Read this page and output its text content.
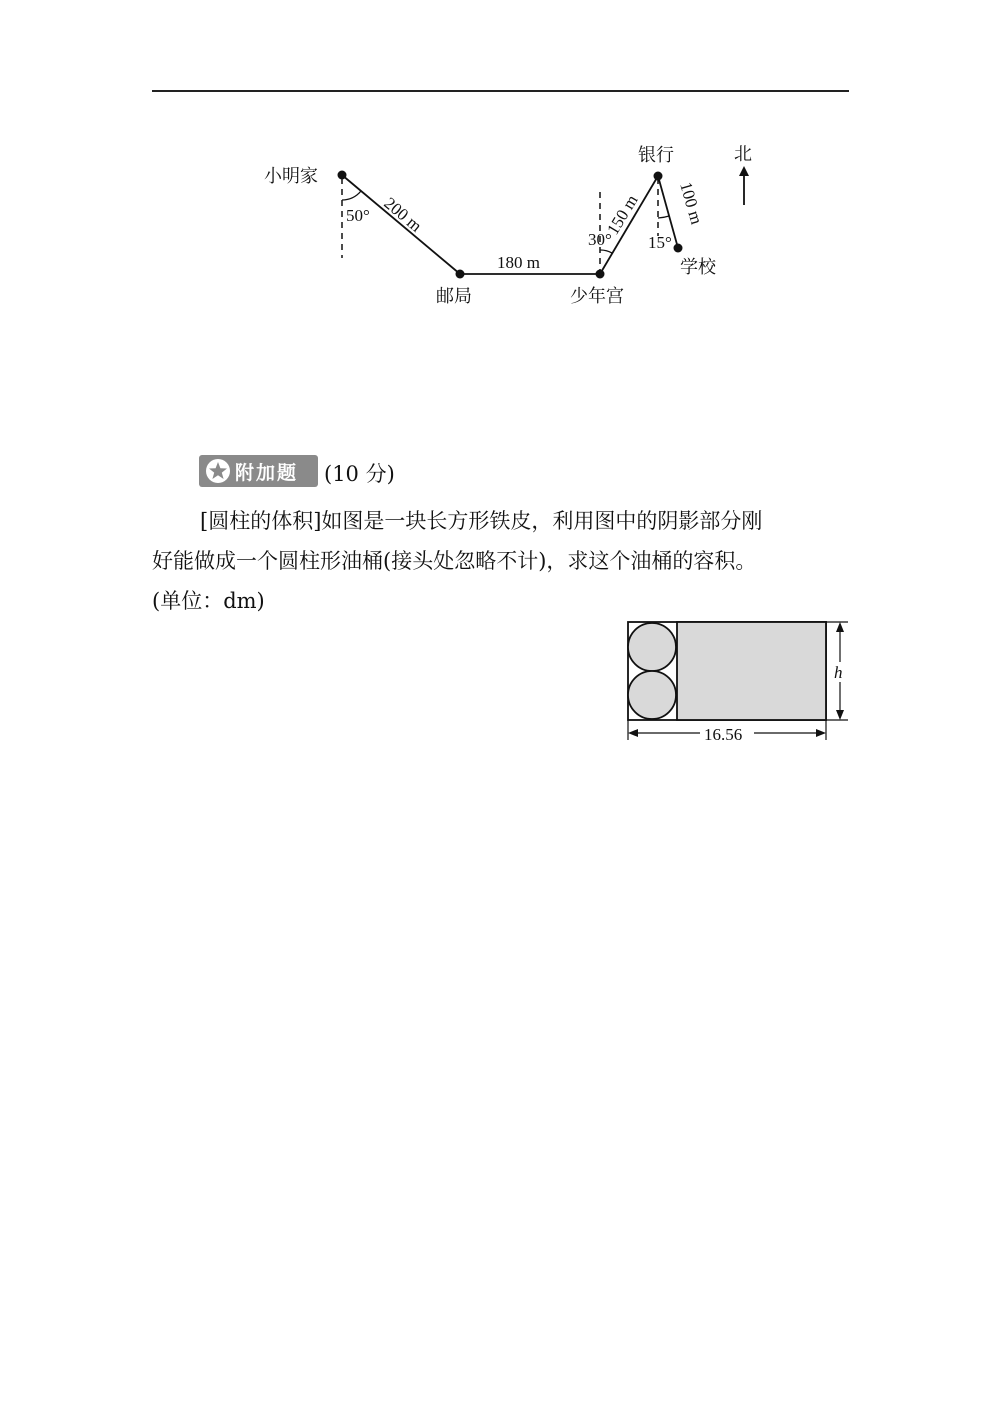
小明家
邮局	少年宫
银行
学校
北
200 m
180 m
150 m 100 m
50°
30° 15°
附加题 (10 分)
[圆柱的体积]如图是一块长方形铁皮，利用图中的阴影部分刚
好能做成一个圆柱形油桶(接头处忽略不计)，求这个油桶的容积。
(单位：dm)
h
16.56
